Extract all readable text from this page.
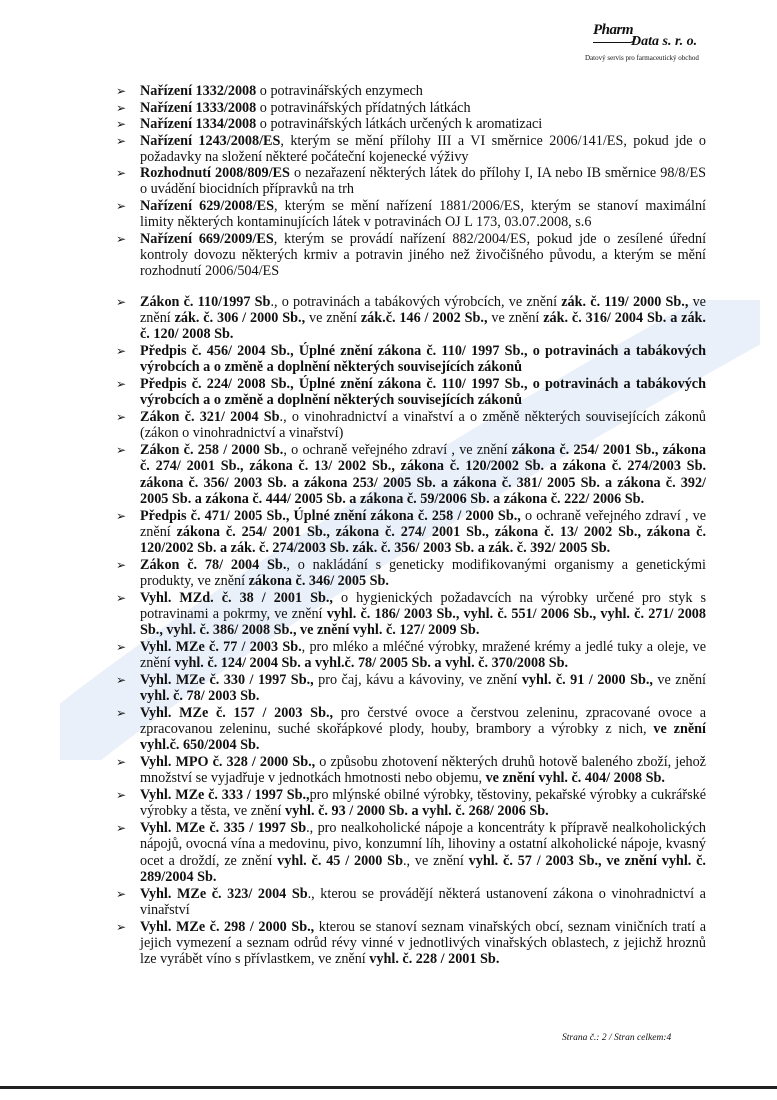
Pharm
Data s. r. o.
Datový servis pro farmaceutický obchod
➢ Nařízení 1332/2008 o potravinářských enzymech
➢ Nařízení 1333/2008 o potravinářských přídatných látkách
➢ Nařízení 1334/2008 o potravinářských látkách určených k aromatizaci
➢ Nařízení 1243/2008/ES, kterým se mění přílohy III a VI směrnice 2006/141/ES, pokud jde o požadavky na složení některé počáteční kojenecké výživy
➢ Rozhodnutí 2008/809/ES o nezařazení některých látek do přílohy I, IA nebo IB směrnice 98/8/ES o uvádění biocidních přípravků na trh
➢ Nařízení 629/2008/ES, kterým se mění nařízení 1881/2006/ES, kterým se stanoví maximální limity některých kontaminujících látek v potravinách OJ L 173, 03.07.2008, s.6
➢ Nařízení 669/2009/ES, kterým se provádí nařízení 882/2004/ES, pokud jde o zesílené úřední kontroly dovozu některých krmiv a potravin jiného než živočišného původu, a kterým se mění rozhodnutí 2006/504/ES
➢ Zákon č. 110/1997 Sb., o potravinách a tabákových výrobcích, ve znění zák. č. 119/ 2000 Sb., ve znění zák. č. 306 / 2000 Sb., ve znění zák.č. 146 / 2002 Sb., ve znění zák. č. 316/ 2004 Sb. a zák. č. 120/ 2008 Sb.
➢ Předpis č. 456/ 2004 Sb., Úplné znění zákona č. 110/ 1997 Sb., o potravinách a tabákových výrobcích a o změně a doplnění některých souvisejících zákonů
➢ Předpis č. 224/ 2008 Sb., Úplné znění zákona č. 110/ 1997 Sb., o potravinách a tabákových výrobcích a o změně a doplnění některých souvisejících zákonů
➢ Zákon č. 321/ 2004 Sb., o vinohradnictví a vinařství a o změně některých souvisejících zákonů (zákon o vinohradnictví a vinařství)
➢ Zákon č. 258 / 2000 Sb., o ochraně veřejného zdraví , ve znění zákona č. 254/ 2001 Sb., zákona č. 274/ 2001 Sb., zákona č. 13/ 2002 Sb., zákona č. 120/2002 Sb. a zákona č. 274/2003 Sb. zákona č. 356/ 2003 Sb. a zákona 253/ 2005 Sb. a zákona č. 381/ 2005 Sb. a zákona č. 392/ 2005 Sb. a zákona č. 444/ 2005 Sb. a zákona č. 59/2006 Sb. a zákona č. 222/ 2006 Sb.
➢ Předpis č. 471/ 2005 Sb., Úplné znění zákona č. 258 / 2000 Sb., o ochraně veřejného zdraví , ve znění zákona č. 254/ 2001 Sb., zákona č. 274/ 2001 Sb., zákona č. 13/ 2002 Sb., zákona č. 120/2002 Sb. a zák. č. 274/2003 Sb. zák. č. 356/ 2003 Sb. a zák. č. 392/ 2005 Sb.
➢ Zákon č. 78/ 2004 Sb., o nakládání s geneticky modifikovanými organismy a genetickými produkty, ve znění zákona č. 346/ 2005 Sb.
➢ Vyhl. MZd. č. 38 / 2001 Sb., o hygienických požadavcích na výrobky určené pro styk s potravinami a pokrmy, ve znění vyhl. č. 186/ 2003 Sb., vyhl. č. 551/ 2006 Sb., vyhl. č. 271/ 2008 Sb., vyhl. č. 386/ 2008 Sb., ve znění vyhl. č. 127/ 2009 Sb.
➢ Vyhl. MZe č. 77 / 2003 Sb., pro mléko a mléčné výrobky, mražené krémy a jedlé tuky a oleje, ve znění vyhl. č. 124/ 2004 Sb. a vyhl.č. 78/ 2005 Sb. a vyhl. č. 370/2008 Sb.
➢ Vyhl. MZe č. 330 / 1997 Sb., pro čaj, kávu a kávoviny, ve znění vyhl. č. 91 / 2000 Sb., ve znění vyhl. č. 78/ 2003 Sb.
➢ Vyhl. MZe č. 157 / 2003 Sb., pro čerstvé ovoce a čerstvou zeleninu, zpracované ovoce a zpracovanou zeleninu, suché skořápkové plody, houby, brambory a výrobky z nich, ve znění vyhl.č. 650/2004 Sb.
➢ Vyhl. MPO č. 328 / 2000 Sb., o způsobu zhotovení některých druhů hotově baleného zboží, jehož množství se vyjadřuje v jednotkách hmotnosti nebo objemu, ve znění vyhl. č. 404/ 2008 Sb.
➢ Vyhl. MZe č. 333 / 1997 Sb.,pro mlýnské obilné výrobky, těstoviny, pekařské výrobky a cukrářské výrobky a těsta, ve znění vyhl. č. 93 / 2000 Sb. a vyhl. č. 268/ 2006 Sb.
➢ Vyhl. MZe č. 335 / 1997 Sb., pro nealkoholické nápoje a koncentráty k přípravě nealkoholických nápojů, ovocná vína a medovinu, pivo, konzumní líh, lihoviny a ostatní alkoholické nápoje, kvasný ocet a droždí, ze znění vyhl. č. 45 / 2000 Sb., ve znění vyhl. č. 57 / 2003 Sb., ve znění vyhl. č. 289/2004 Sb.
➢ Vyhl. MZe č. 323/ 2004 Sb., kterou se provádějí některá ustanovení zákona o vinohradnictví a vinařství
➢ Vyhl. MZe č. 298 / 2000 Sb., kterou se stanoví seznam vinařských obcí, seznam viničních tratí a jejich vymezení a seznam odrůd révy vinné v jednotlivých vinařských oblastech, z jejichž hroznů lze vyrábět víno s přívlastkem, ve znění vyhl. č. 228 / 2001 Sb.
Strana č.: 2 / Stran celkem:4
